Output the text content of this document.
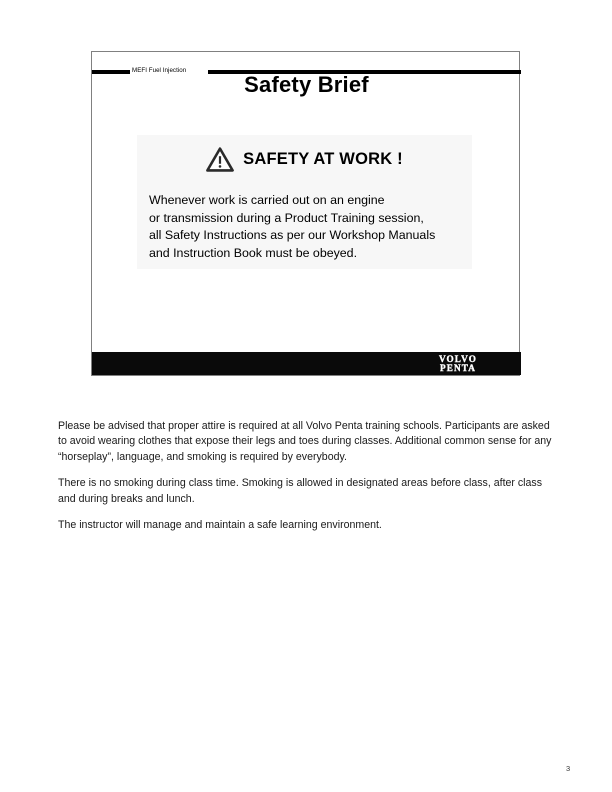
MEFI Fuel Injection
Safety Brief
SAFETY AT WORK !
Whenever work is carried out on an engine
or transmission during a Product Training session,
all Safety Instructions as per our Workshop Manuals
and Instruction Book must be obeyed.
VOLVO
PENTA

Please be advised that proper attire is required at all Volvo Penta training schools. Participants are asked to avoid wearing clothes that expose their legs and toes during classes. Additional common sense for any “horseplay”, language, and smoking is required by everybody.

There is no smoking during class time. Smoking is allowed in designated areas before class, after class and during breaks and lunch.

The instructor will manage and maintain a safe learning environment.

3
